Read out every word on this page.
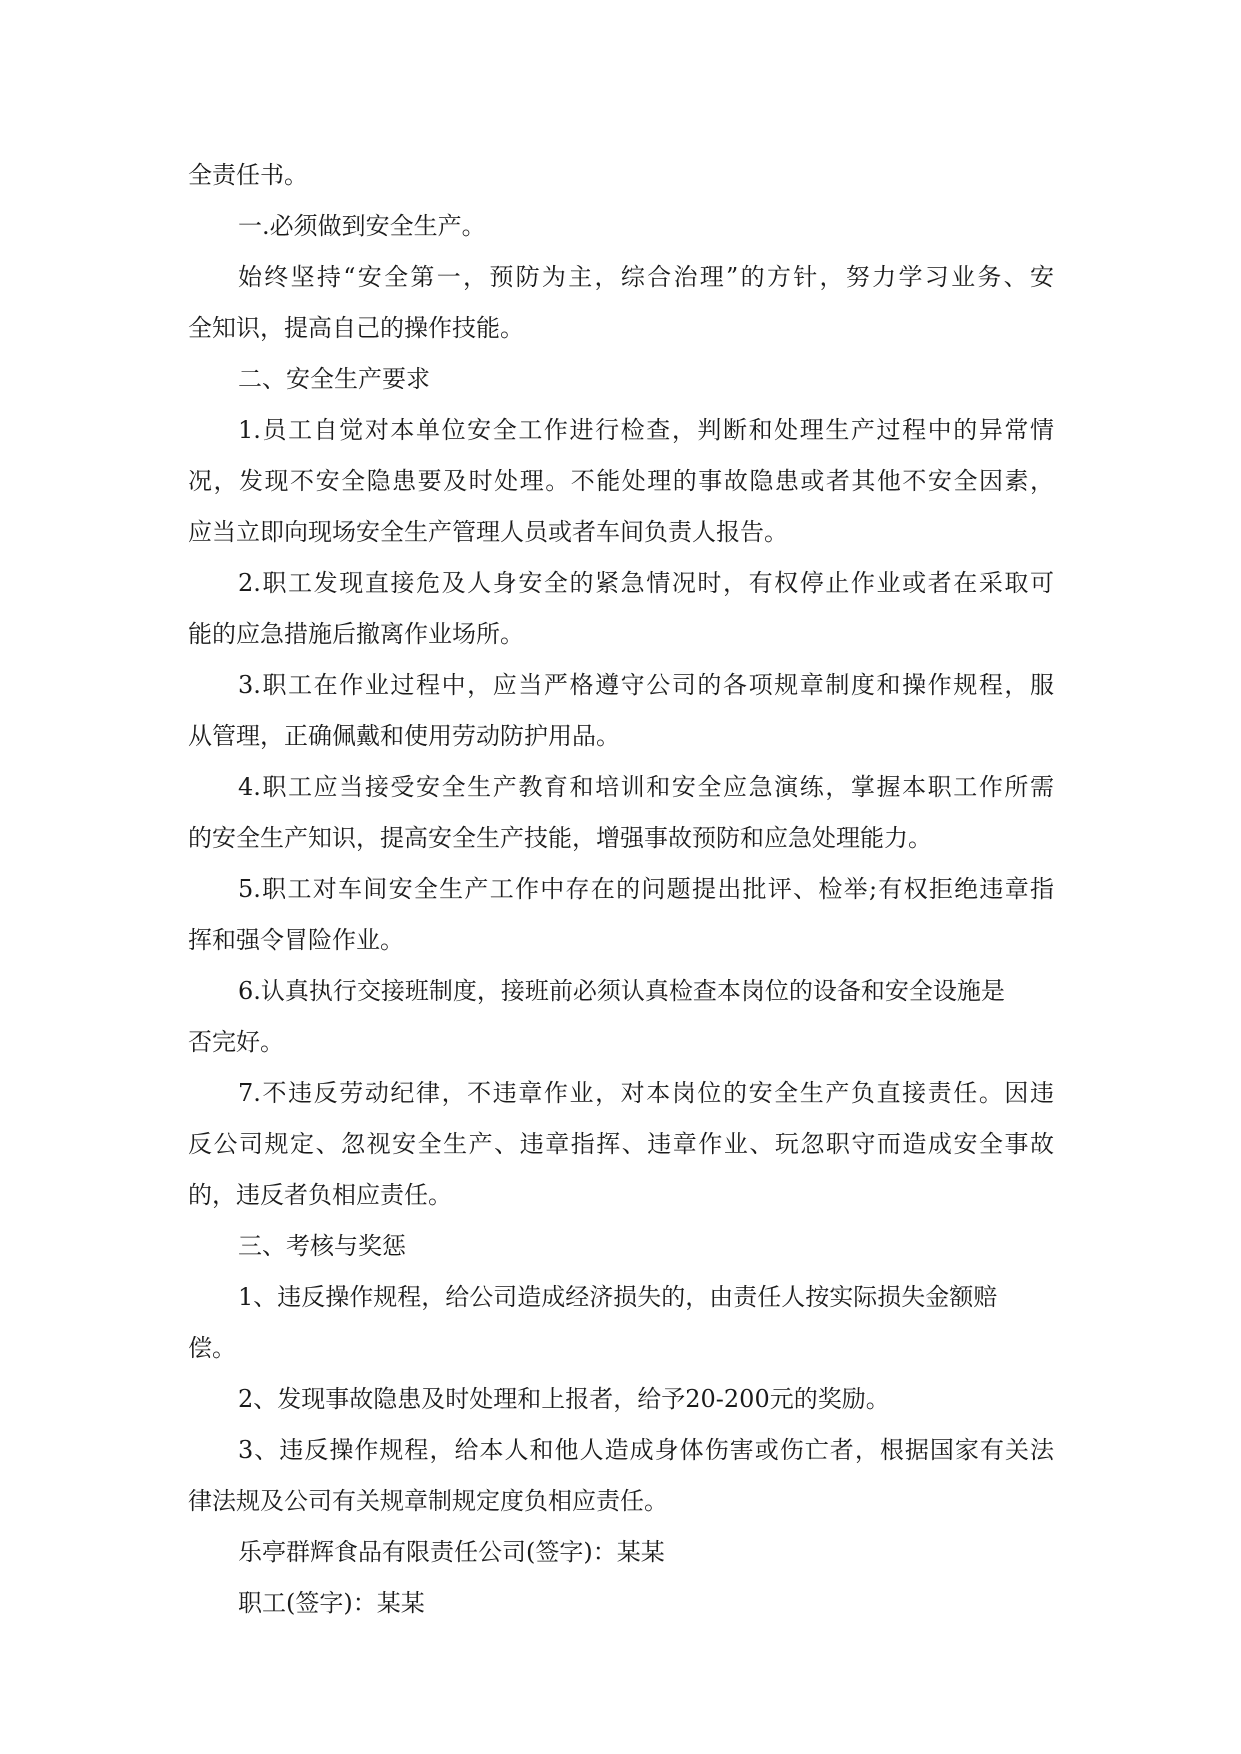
全责任书。

一.必须做到安全生产。

始终坚持“安全第一，预防为主，综合治理”的方针，努力学习业务、安

全知识，提高自己的操作技能。

二、安全生产要求

1.员工自觉对本单位安全工作进行检查，判断和处理生产过程中的异常情

况，发现不安全隐患要及时处理。不能处理的事故隐患或者其他不安全因素，

应当立即向现场安全生产管理人员或者车间负责人报告。

2.职工发现直接危及人身安全的紧急情况时，有权停止作业或者在采取可

能的应急措施后撤离作业场所。

3.职工在作业过程中，应当严格遵守公司的各项规章制度和操作规程，服

从管理，正确佩戴和使用劳动防护用品。

4.职工应当接受安全生产教育和培训和安全应急演练，掌握本职工作所需

的安全生产知识，提高安全生产技能，增强事故预防和应急处理能力。

5.职工对车间安全生产工作中存在的问题提出批评、检举;有权拒绝违章指

挥和强令冒险作业。

6.认真执行交接班制度，接班前必须认真检查本岗位的设备和安全设施是

否完好。

7.不违反劳动纪律，不违章作业，对本岗位的安全生产负直接责任。因违

反公司规定、忽视安全生产、违章指挥、违章作业、玩忽职守而造成安全事故

的，违反者负相应责任。

三、考核与奖惩

1、违反操作规程，给公司造成经济损失的，由责任人按实际损失金额赔

偿。

2、发现事故隐患及时处理和上报者，给予20-200元的奖励。

3、违反操作规程，给本人和他人造成身体伤害或伤亡者，根据国家有关法

律法规及公司有关规章制规定度负相应责任。

乐亭群辉食品有限责任公司(签字)：某某

职工(签字)：某某
